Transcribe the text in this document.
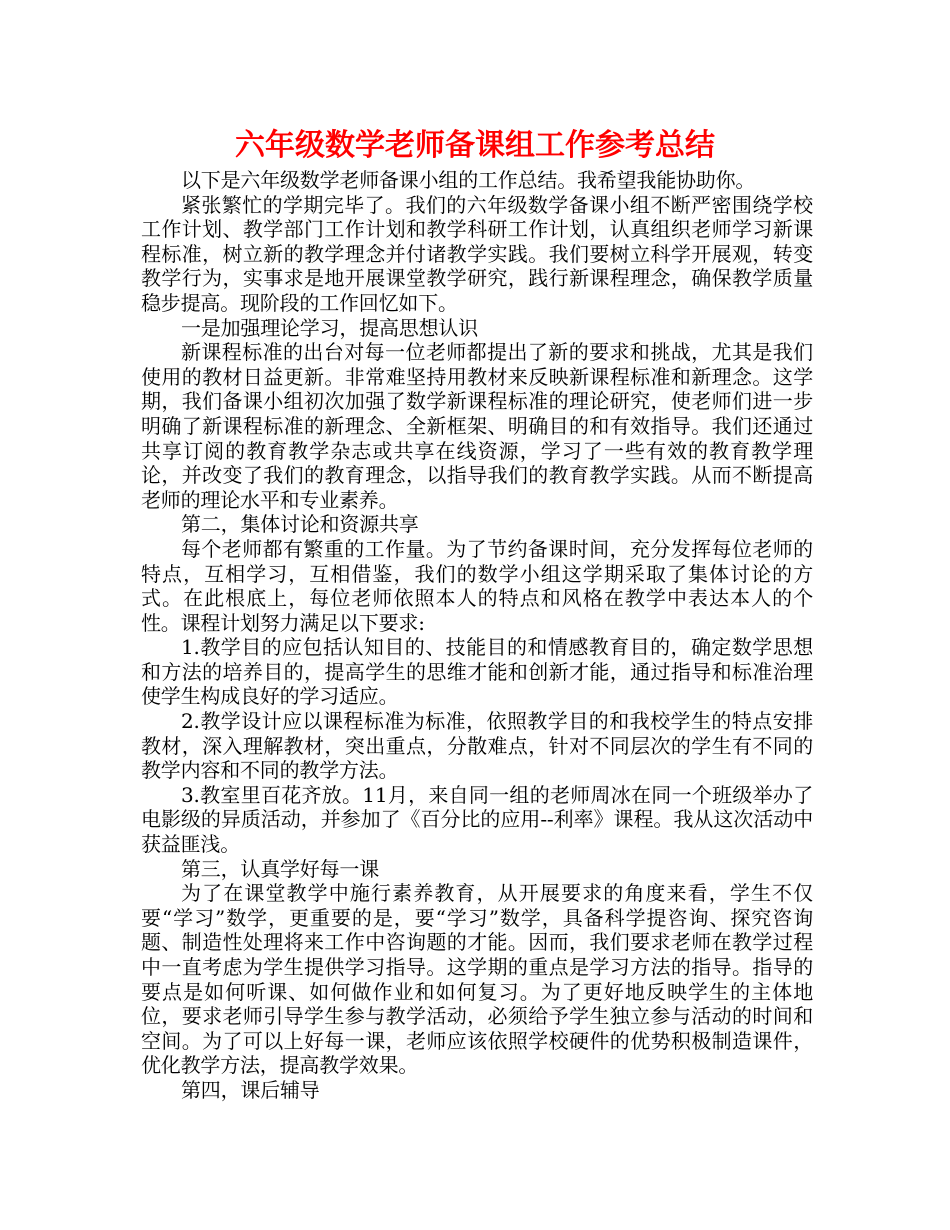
六年级数学老师备课组工作参考总结

以下是六年级数学老师备课小组的工作总结。我希望我能协助你。

紧张繁忙的学期完毕了。我们的六年级数学备课小组不断严密围绕学校工作计划、教学部门工作计划和教学科研工作计划，认真组织老师学习新课程标准，树立新的教学理念并付诸教学实践。我们要树立科学开展观，转变教学行为，实事求是地开展课堂教学研究，践行新课程理念，确保教学质量稳步提高。现阶段的工作回忆如下。

一是加强理论学习，提高思想认识

新课程标准的出台对每一位老师都提出了新的要求和挑战，尤其是我们使用的教材日益更新。非常难坚持用教材来反映新课程标准和新理念。这学期，我们备课小组初次加强了数学新课程标准的理论研究，使老师们进一步明确了新课程标准的新理念、全新框架、明确目的和有效指导。我们还通过共享订阅的教育教学杂志或共享在线资源，学习了一些有效的教育教学理论，并改变了我们的教育理念，以指导我们的教育教学实践。从而不断提高老师的理论水平和专业素养。

第二，集体讨论和资源共享

每个老师都有繁重的工作量。为了节约备课时间，充分发挥每位老师的特点，互相学习，互相借鉴，我们的数学小组这学期采取了集体讨论的方式。在此根底上，每位老师依照本人的特点和风格在教学中表达本人的个性。课程计划努力满足以下要求:

1.教学目的应包括认知目的、技能目的和情感教育目的，确定数学思想和方法的培养目的，提高学生的思维才能和创新才能，通过指导和标准治理使学生构成良好的学习适应。

2.教学设计应以课程标准为标准，依照教学目的和我校学生的特点安排教材，深入理解教材，突出重点，分散难点，针对不同层次的学生有不同的教学内容和不同的教学方法。

3.教室里百花齐放。11月，来自同一组的老师周冰在同一个班级举办了电影级的异质活动，并参加了《百分比的应用--利率》课程。我从这次活动中获益匪浅。

第三，认真学好每一课

为了在课堂教学中施行素养教育，从开展要求的角度来看，学生不仅要“学习”数学，更重要的是，要“学习”数学，具备科学提咨询、探究咨询题、制造性处理将来工作中咨询题的才能。因而，我们要求老师在教学过程中一直考虑为学生提供学习指导。这学期的重点是学习方法的指导。指导的要点是如何听课、如何做作业和如何复习。为了更好地反映学生的主体地位，要求老师引导学生参与教学活动，必须给予学生独立参与活动的时间和空间。为了可以上好每一课，老师应该依照学校硬件的优势积极制造课件，优化教学方法，提高教学效果。

第四，课后辅导
